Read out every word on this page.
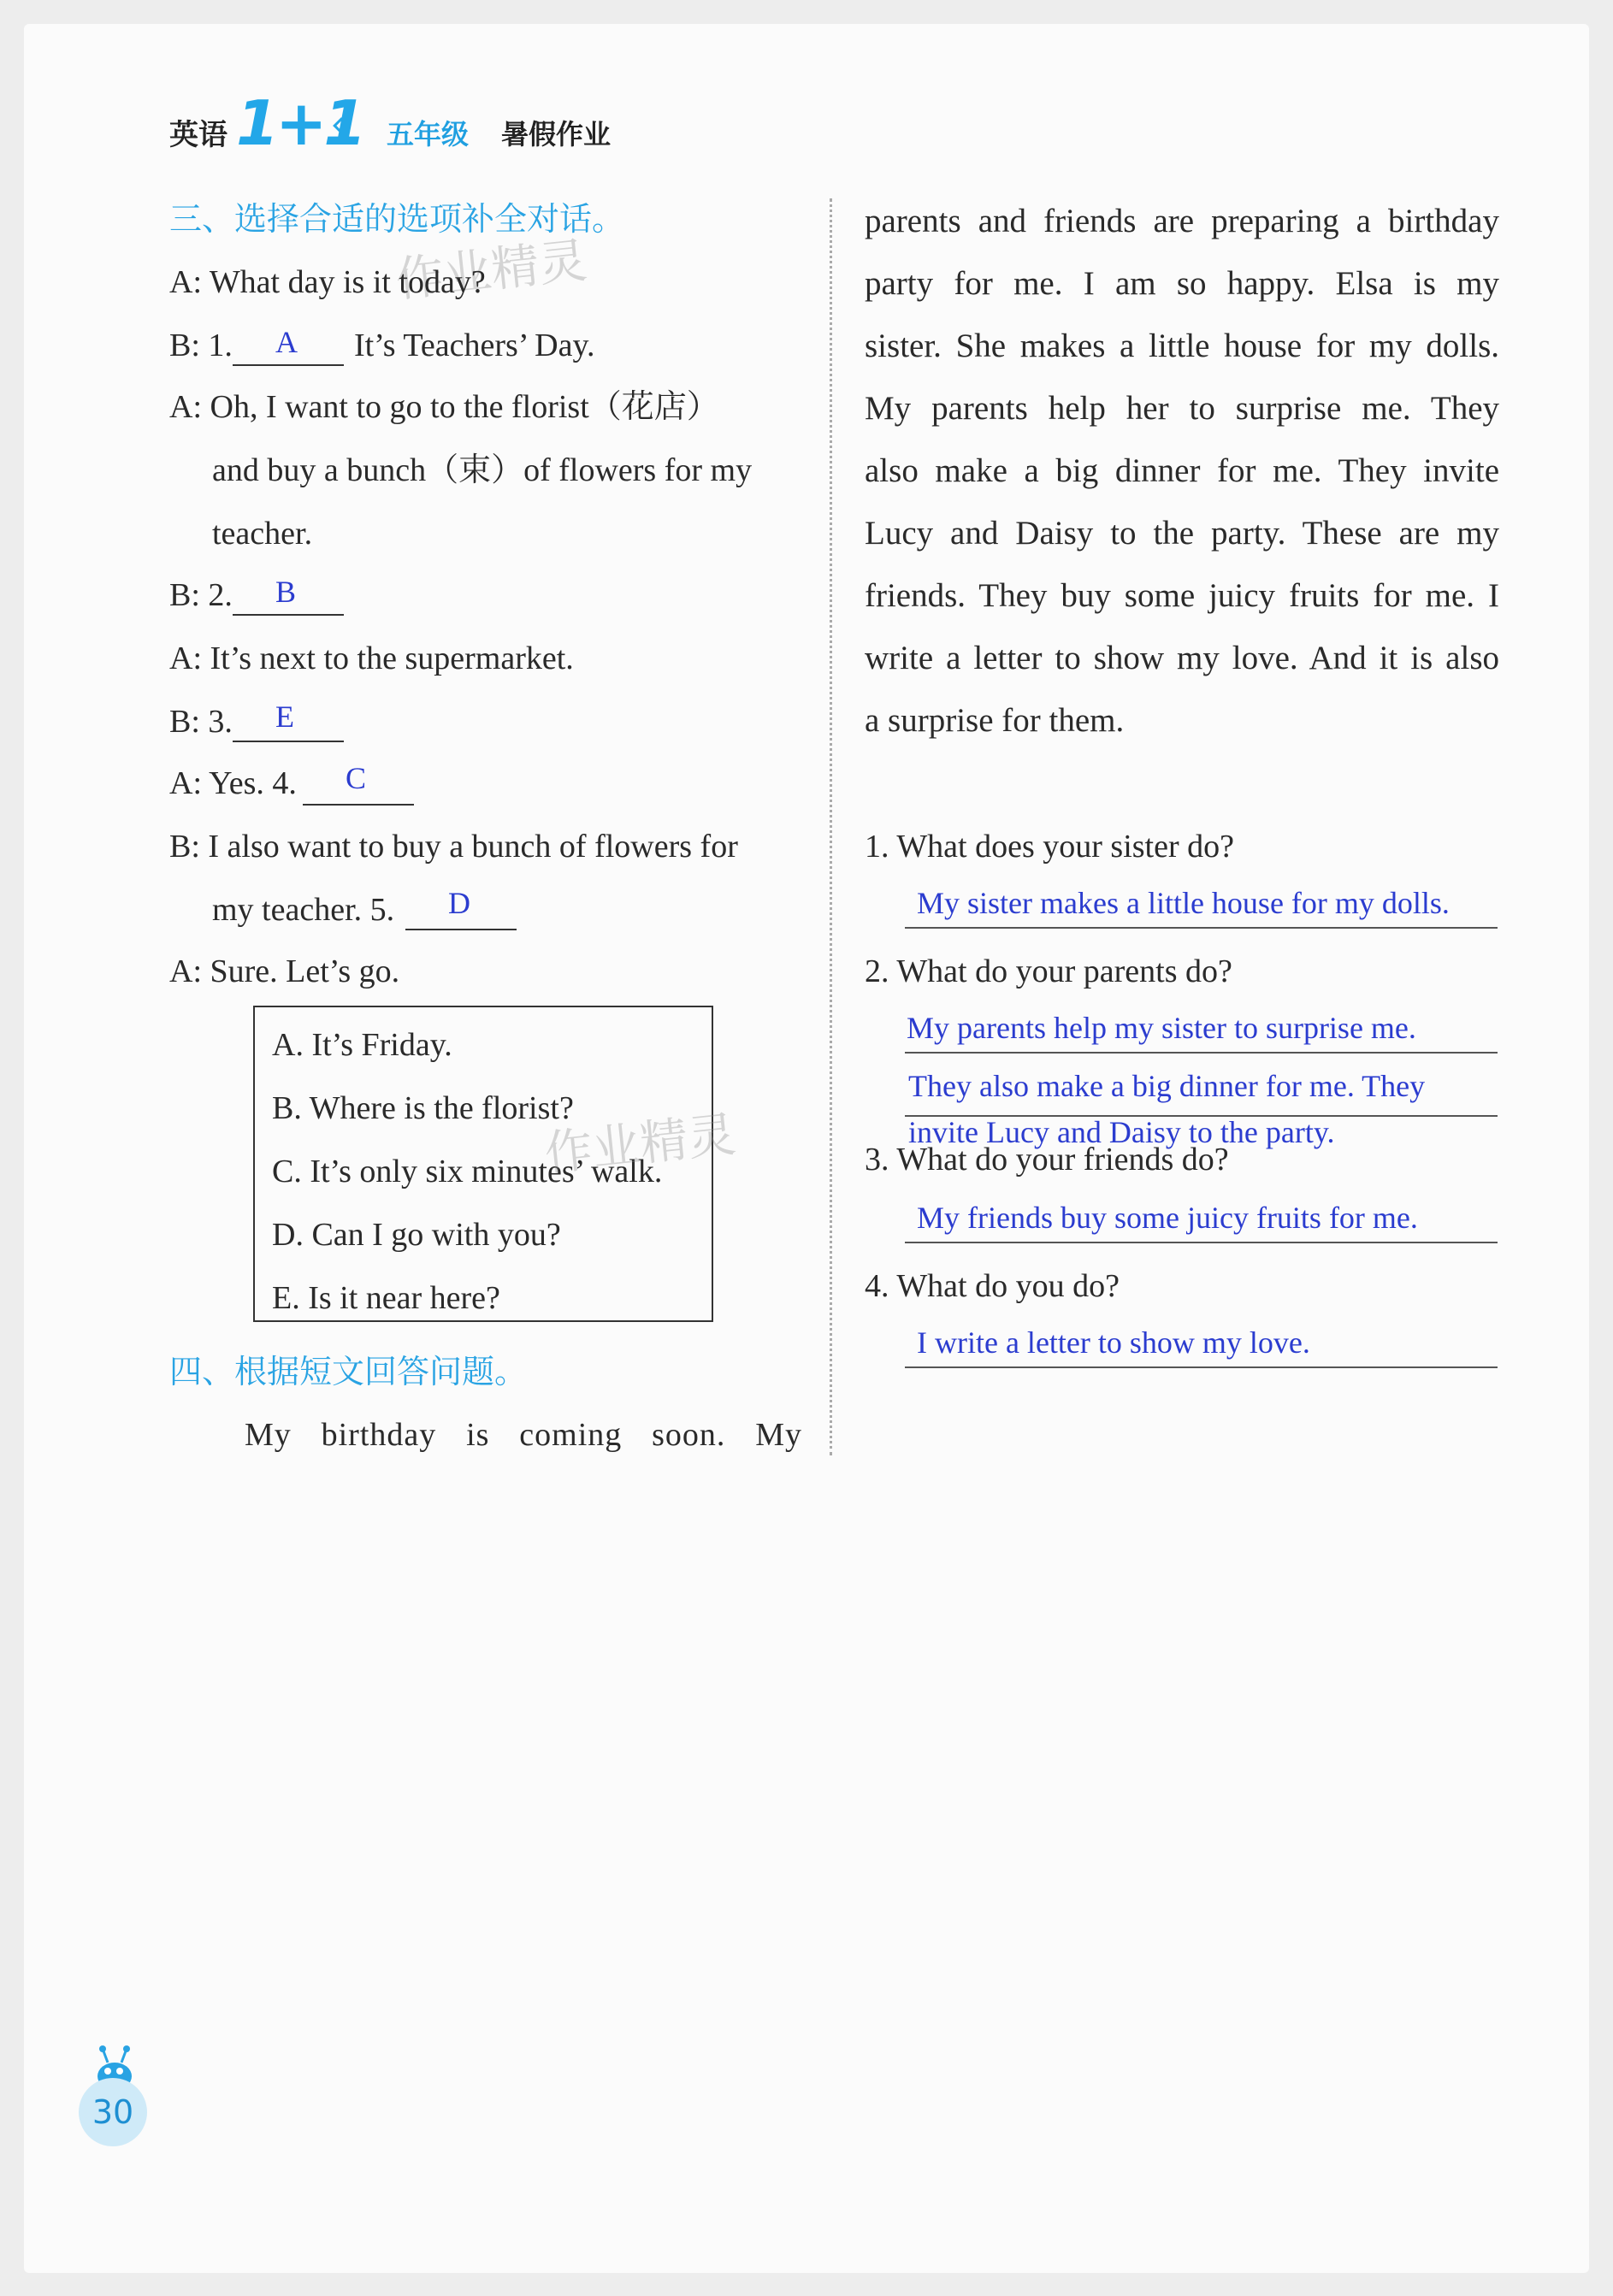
英语 1+1 五年级 暑假作业
三、选择合适的选项补全对话。
作业精灵
A: What day is it today?
B: 1. A It’s Teachers’ Day.
A: Oh, I want to go to the florist（花店）
and buy a bunch（束）of flowers for my
teacher.
B: 2. B
A: It’s next to the supermarket.
B: 3. E
A: Yes. 4. C
B: I also want to buy a bunch of flowers for
my teacher. 5. D
A: Sure. Let’s go.
A. It’s Friday.
B. Where is the florist?
C. It’s only six minutes’ walk.
D. Can I go with you?
E. Is it near here?
作业精灵
四、根据短文回答问题。
My birthday is coming soon. My
parents and friends are preparing a birthday
party for me. I am so happy. Elsa is my
sister. She makes a little house for my dolls.
My parents help her to surprise me. They
also make a big dinner for me. They invite
Lucy and Daisy to the party. These are my
friends. They buy some juicy fruits for me. I
write a letter to show my love. And it is also
a surprise for them.
1. What does your sister do?
My sister makes a little house for my dolls.
2. What do your parents do?
My parents help my sister to surprise me.
They also make a big dinner for me. They
invite Lucy and Daisy to the party.
3. What do your friends do?
My friends buy some juicy fruits for me.
4. What do you do?
I write a letter to show my love.
30
